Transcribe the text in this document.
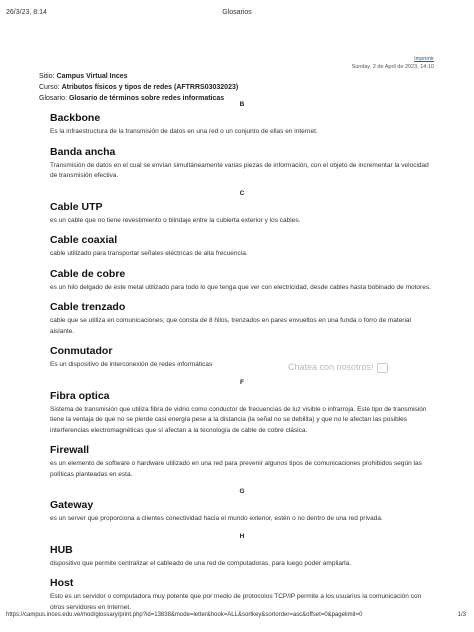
26/3/23, 8:14	Glosarios
Imprimir
Sunday, 2 de April de 2023, 14:10
Sitio: Campus Virtual Inces
Curso: Atributos físicos y tipos de redes (AFTRRS03032023)
Glosario: Glosario de términos sobre redes informaticas
B
Backbone
Es la infraestructura de la transmisión de datos en una red o un conjunto de ellas en internet.
Banda ancha
Transmisión de datos en el cual se envían simultáneamente varias piezas de información, con el objeto de incrementar la velocidad de transmisión efectiva.
C
Cable UTP
es un cable que no tiene revestimiento o blindaje entre la cubierta exterior y los cables.
Cable coaxial
cable utilizado para transportar señales eléctricas de alta frecuencia.
Cable de cobre
es un hilo delgado de este metal utilizado para todo lo que tenga que ver con electricidad, desde cables hasta bobinado de motores.
Cable trenzado
cable que se utiliza en comunicaciones; que consta de 8 hilos, trenzados en pares envueltos en una funda o forro de material aislante.
Conmutador
Es un dispositivo de interconexión de redes informáticas
F
Fibra optica
Sistema de transmisión que utiliza fibra de vidrio como conductor de frecuencias de luz visible o infrarroja. Este tipo de transmisión tiene la ventaja de que no se pierde casi energía pese a la distancia (la señal no se debilita) y que no le afectan las posibles interferencias electromagnéticas que sí afectan a la tecnología de cable de cobre clásica.
Firewall
es un elemento de software o hardware utilizado en una red para prevenir algunos tipos de comunicaciones prohibidos según las políticas planteadas en esta.
G
Gateway
es un server que proporciona a clientes conectividad hacia el mundo exterior, estén o no dentro de una red privada.
H
HUB
dispositivo que permite centralizar el cableado de una red de computadoras, para luego poder ampliarla.
Host
Esto es un servidor o computadora muy potente que por medio de protocolos TCP/IP permite a los usuarios la comunicación con otros servidores en Internet.
Chatea con nosotros!
https://campus.inces.edu.ve/mod/glossary/print.php?id=13838&mode=letter&hook=ALL&sortkey&sortorder=asc&offset=0&pagelimit=0	1/3
